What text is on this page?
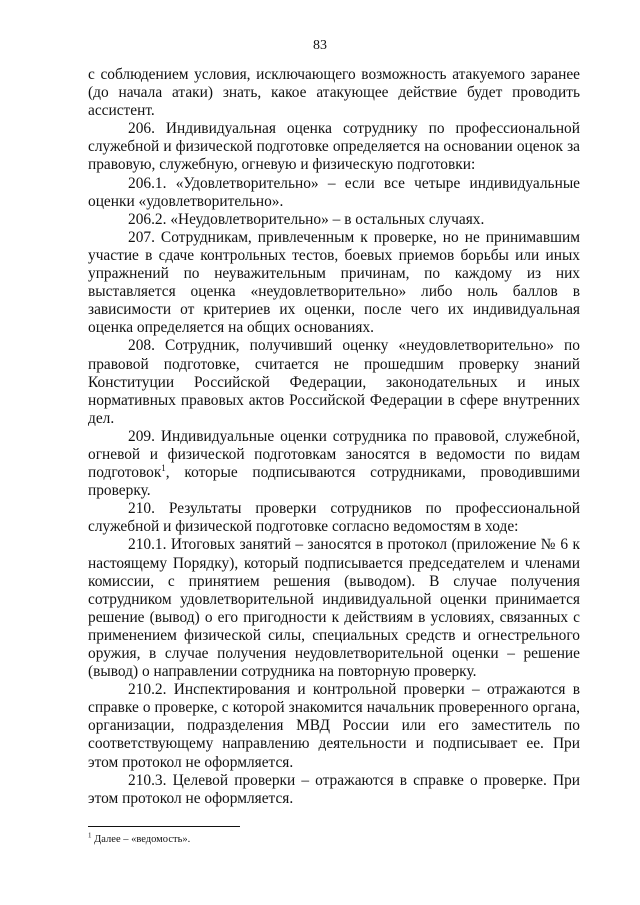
83

с соблюдением условия, исключающего возможность атакуемого заранее (до начала атаки) знать, какое атакующее действие будет проводить ассистент.

206. Индивидуальная оценка сотруднику по профессиональной служебной и физической подготовке определяется на основании оценок за правовую, служебную, огневую и физическую подготовки:

206.1. «Удовлетворительно» – если все четыре индивидуальные оценки «удовлетворительно».

206.2. «Неудовлетворительно» – в остальных случаях.

207. Сотрудникам, привлеченным к проверке, но не принимавшим участие в сдаче контрольных тестов, боевых приемов борьбы или иных упражнений по неуважительным причинам, по каждому из них выставляется оценка «неудовлетворительно» либо ноль баллов в зависимости от критериев их оценки, после чего их индивидуальная оценка определяется на общих основаниях.

208. Сотрудник, получивший оценку «неудовлетворительно» по правовой подготовке, считается не прошедшим проверку знаний Конституции Российской Федерации, законодательных и иных нормативных правовых актов Российской Федерации в сфере внутренних дел.

209. Индивидуальные оценки сотрудника по правовой, служебной, огневой и физической подготовкам заносятся в ведомости по видам подготовок$^1$, которые подписываются сотрудниками, проводившими проверку.

210. Результаты проверки сотрудников по профессиональной служебной и физической подготовке согласно ведомостям в ходе:

210.1. Итоговых занятий – заносятся в протокол (приложение № 6 к настоящему Порядку), который подписывается председателем и членами комиссии, с принятием решения (выводом). В случае получения сотрудником удовлетворительной индивидуальной оценки принимается решение (вывод) о его пригодности к действиям в условиях, связанных с применением физической силы, специальных средств и огнестрельного оружия, в случае получения неудовлетворительной оценки – решение (вывод) о направлении сотрудника на повторную проверку.

210.2. Инспектирования и контрольной проверки – отражаются в справке о проверке, с которой знакомится начальник проверенного органа, организации, подразделения МВД России или его заместитель по соответствующему направлению деятельности и подписывает ее. При этом протокол не оформляется.

210.3. Целевой проверки – отражаются в справке о проверке. При этом протокол не оформляется.

$^1$ Далее – «ведомость».
